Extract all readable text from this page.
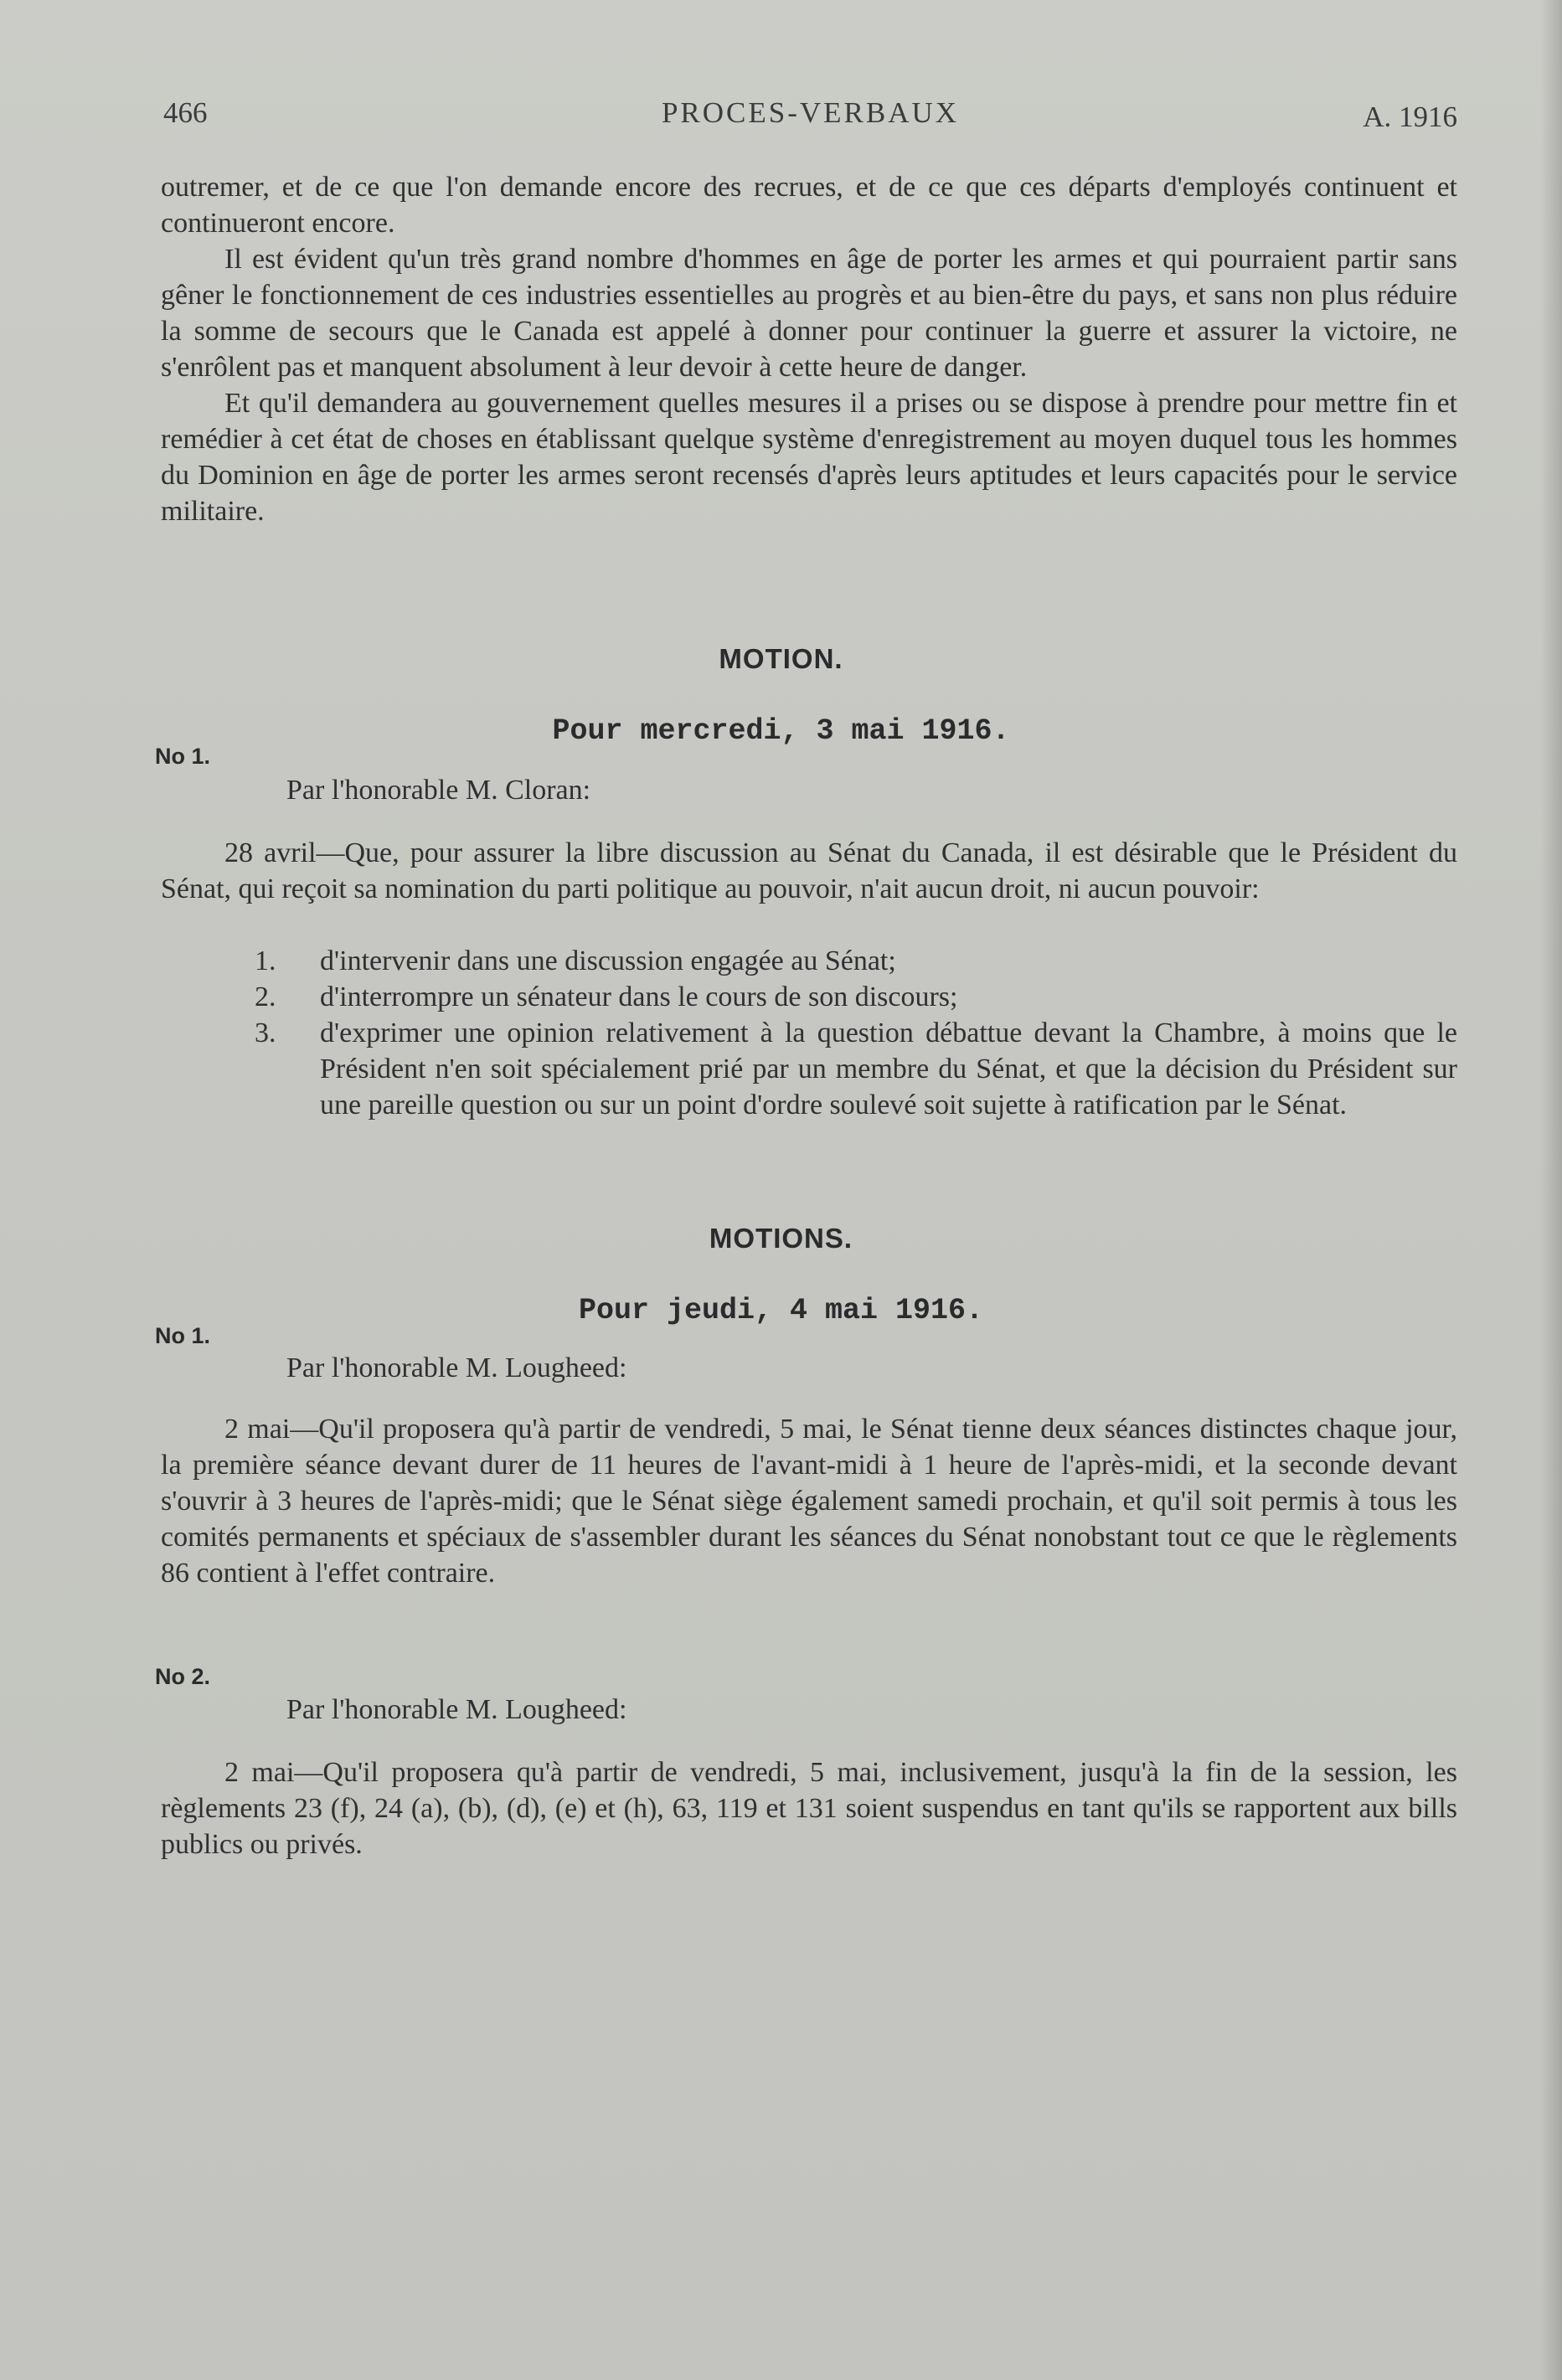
466	PROCES-VERBAUX	A. 1916

outremer, et de ce que l'on demande encore des recrues, et de ce que ces départs d'employés continuent et continueront encore.

Il est évident qu'un très grand nombre d'hommes en âge de porter les armes et qui pourraient partir sans gêner le fonctionnement de ces industries essentielles au progrès et au bien-être du pays, et sans non plus réduire la somme de secours que le Canada est appelé à donner pour continuer la guerre et assurer la victoire, ne s'enrôlent pas et manquent absolument à leur devoir à cette heure de danger.

Et qu'il demandera au gouvernement quelles mesures il a prises ou se dispose à prendre pour mettre fin et remédier à cet état de choses en établissant quelque système d'enregistrement au moyen duquel tous les hommes du Dominion en âge de porter les armes seront recensés d'après leurs aptitudes et leurs capacités pour le service militaire.

MOTION.
Pour mercredi, 3 mai 1916.
No 1.
Par l'honorable M. Cloran:

28 avril—Que, pour assurer la libre discussion au Sénat du Canada, il est désirable que le Président du Sénat, qui reçoit sa nomination du parti politique au pouvoir, n'ait aucun droit, ni aucun pouvoir:

1. d'intervenir dans une discussion engagée au Sénat;
2. d'interrompre un sénateur dans le cours de son discours;
3. d'exprimer une opinion relativement à la question débattue devant la Chambre, à moins que le Président n'en soit spécialement prié par un membre du Sénat, et que la décision du Président sur une pareille question ou sur un point d'ordre soulevé soit sujette à ratification par le Sénat.
MOTIONS.
Pour jeudi, 4 mai 1916.
No 1.
Par l'honorable M. Lougheed:

2 mai—Qu'il proposera qu'à partir de vendredi, 5 mai, le Sénat tienne deux séances distinctes chaque jour, la première séance devant durer de 11 heures de l'avant-midi à 1 heure de l'après-midi, et la seconde devant s'ouvrir à 3 heures de l'après-midi; que le Sénat siège également samedi prochain, et qu'il soit permis à tous les comités permanents et spéciaux de s'assembler durant les séances du Sénat nonobstant tout ce que le règlements 86 contient à l'effet contraire.

No 2.
Par l'honorable M. Lougheed:

2 mai—Qu'il proposera qu'à partir de vendredi, 5 mai, inclusivement, jusqu'à la fin de la session, les règlements 23 (f), 24 (a), (b), (d), (e) et (h), 63, 119 et 131 soient suspendus en tant qu'ils se rapportent aux bills publics ou privés.
